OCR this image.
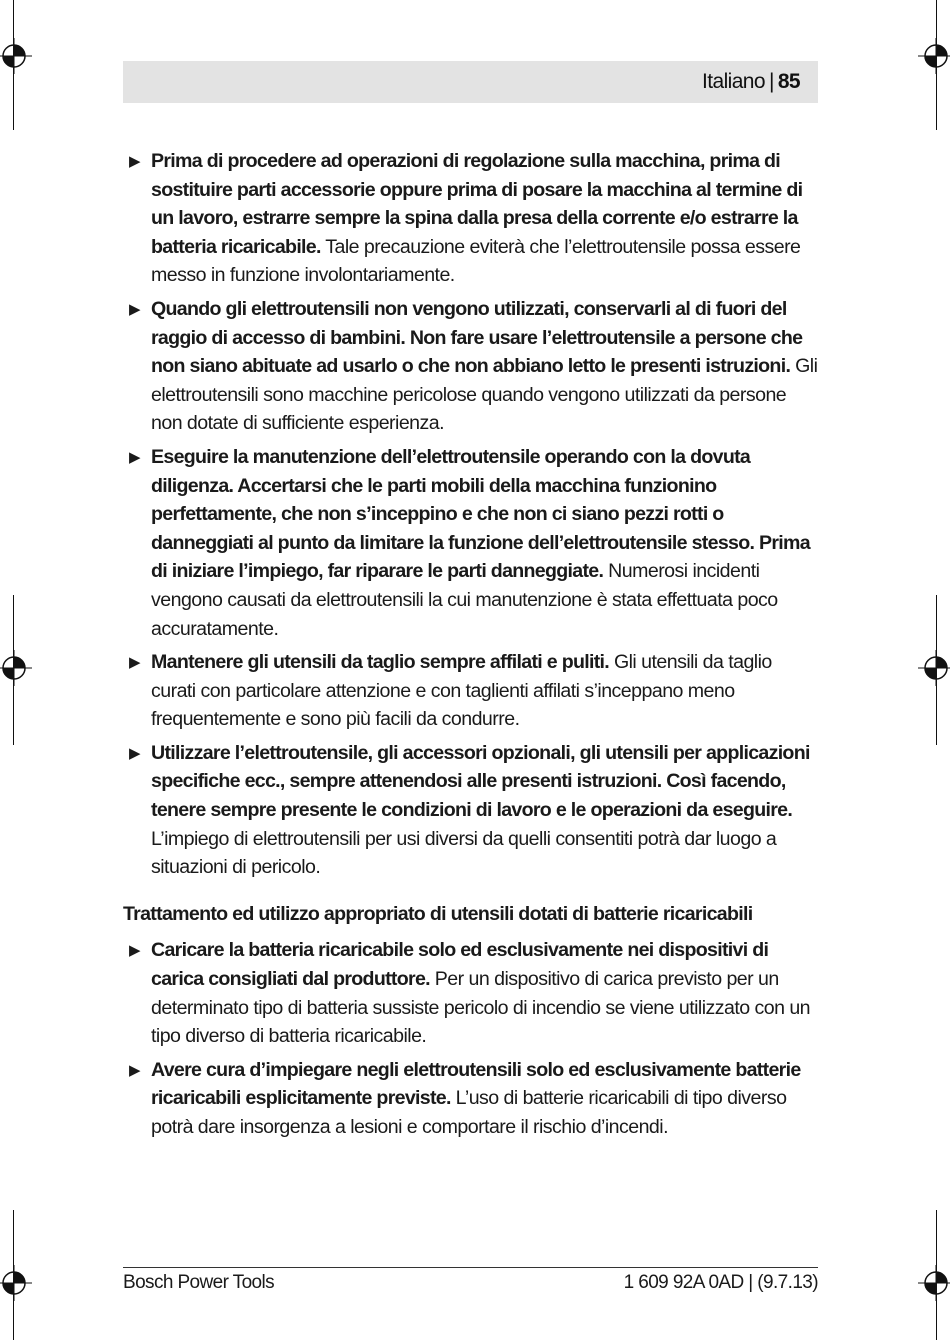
Italiano | 85
▶ Prima di procedere ad operazioni di regolazione sulla macchina, prima di sostituire parti accessorie oppure prima di posare la macchina al termine di un lavoro, estrarre sempre la spina dalla presa della corrente e/o estrarre la batteria ricaricabile. Tale precauzione eviterà che l’elettroutensile possa essere messo in funzione involontariamente.
▶ Quando gli elettroutensili non vengono utilizzati, conservarli al di fuori del raggio di accesso di bambini. Non fare usare l’elettroutensile a persone che non siano abituate ad usarlo o che non abbiano letto le presenti istruzioni. Gli elettroutensili sono macchine pericolose quando vengono utilizzati da persone non dotate di sufficiente esperienza.
▶ Eseguire la manutenzione dell’elettroutensile operando con la dovuta diligenza. Accertarsi che le parti mobili della macchina funzionino perfettamente, che non s’inceppino e che non ci siano pezzi rotti o danneggiati al punto da limitare la funzione dell’elettroutensile stesso. Prima di iniziare l’impiego, far riparare le parti danneggiate. Numerosi incidenti vengono causati da elettroutensili la cui manutenzione è stata effettuata poco accuratamente.
▶ Mantenere gli utensili da taglio sempre affilati e puliti. Gli utensili da taglio curati con particolare attenzione e con taglienti affilati s’inceppano meno frequentemente e sono più facili da condurre.
▶ Utilizzare l’elettroutensile, gli accessori opzionali, gli utensili per applicazioni specifiche ecc., sempre attenendosi alle presenti istruzioni. Così facendo, tenere sempre presente le condizioni di lavoro e le operazioni da eseguire. L’impiego di elettroutensili per usi diversi da quelli consentiti potrà dar luogo a situazioni di pericolo.
Trattamento ed utilizzo appropriato di utensili dotati di batterie ricaricabili
▶ Caricare la batteria ricaricabile solo ed esclusivamente nei dispositivi di carica consigliati dal produttore. Per un dispositivo di carica previsto per un determinato tipo di batteria sussiste pericolo di incendio se viene utilizzato con un tipo diverso di batteria ricaricabile.
▶ Avere cura d’impiegare negli elettroutensili solo ed esclusivamente batterie ricaricabili esplicitamente previste. L’uso di batterie ricaricabili di tipo diverso potrà dare insorgenza a lesioni e comportare il rischio d’incendi.
Bosch Power Tools	1 609 92A 0AD | (9.7.13)
